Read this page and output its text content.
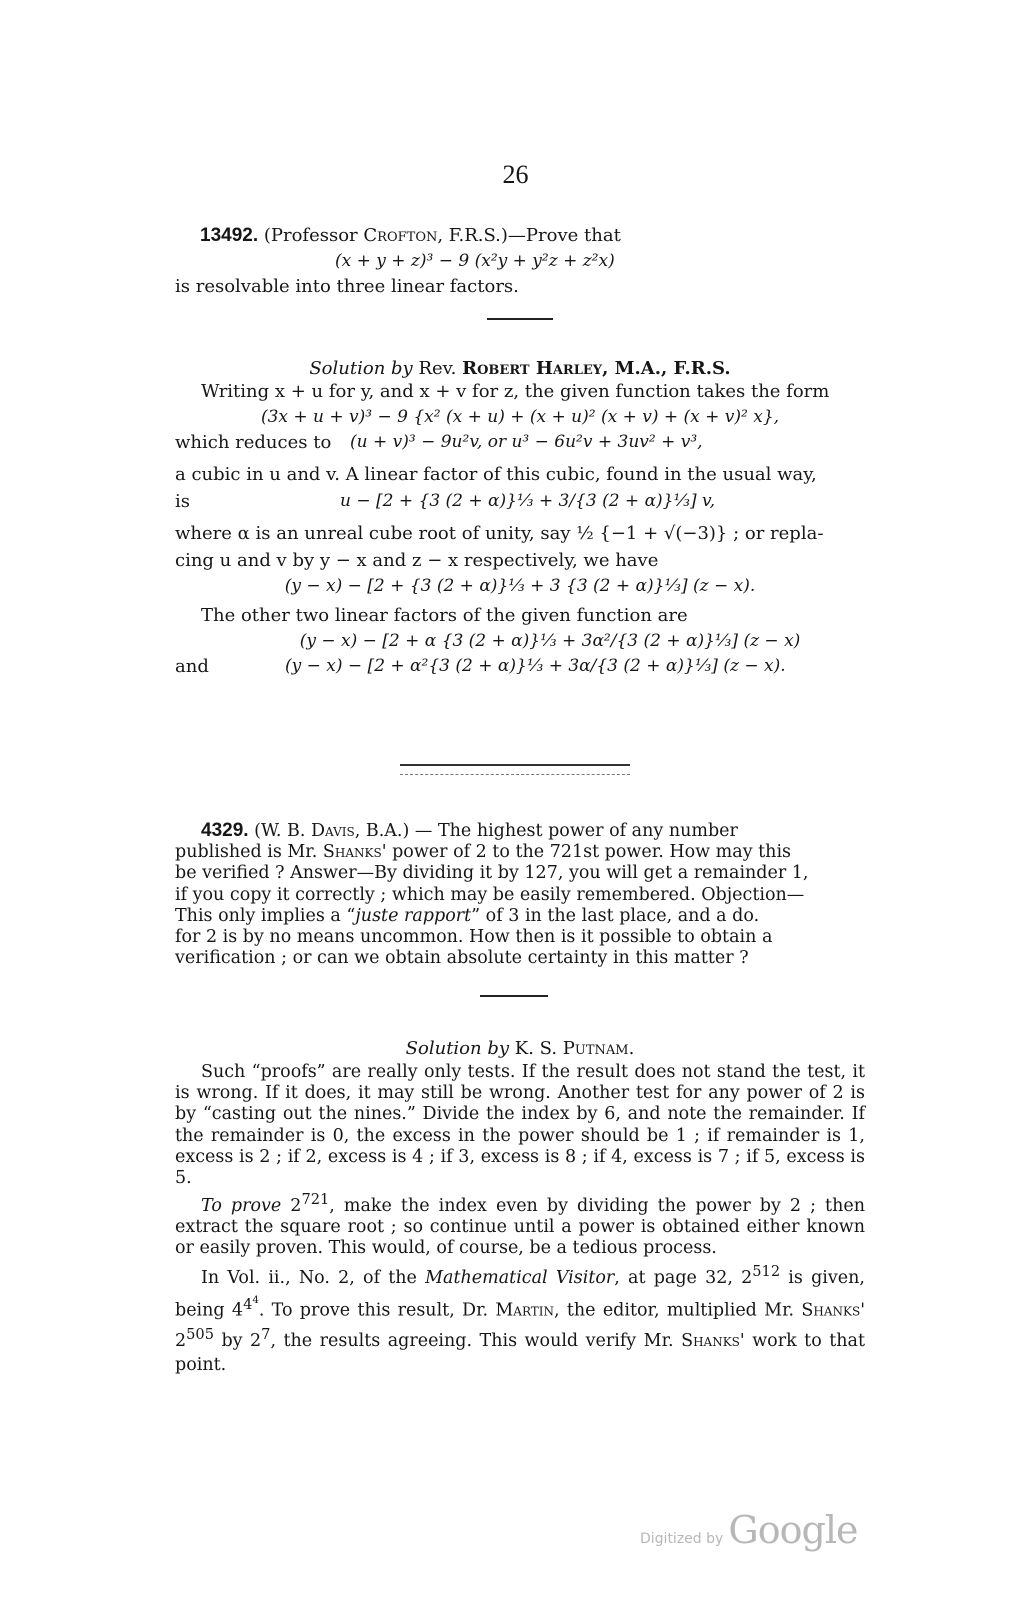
26

13492. (Professor Crofton, F.R.S.)—Prove that

(x + y + z)³ − 9 (x²y + y²z + z²x)

is resolvable into three linear factors.

Solution by Rev. Robert Harley, M.A., F.R.S.

Writing x + u for y, and x + v for z, the given function takes the form

(3x + u + v)³ − 9 {x² (x + u) + (x + u)² (x + v) + (x + v)² x},

which reduces to (u + v)³ − 9u²v, or u³ − 6u²v + 3uv² + v³,

a cubic in u and v. A linear factor of this cubic, found in the usual way,

is	u − [2 + {3 (2 + α)}⅓ + 3/{3 (2 + α)}⅓] v,

where α is an unreal cube root of unity, say ½ {−1 + √(−3)} ; or repla-

cing u and v by y − x and z − x respectively, we have

(y − x) − [2 + {3 (2 + α)}⅓ + 3 {3 (2 + α)}⅓] (z − x).

The other two linear factors of the given function are

(y − x) − [2 + α {3 (2 + α)}⅓ + 3α²/{3 (2 + α)}⅓] (z − x)

and	(y − x) − [2 + α²{3 (2 + α)}⅓ + 3α/{3 (2 + α)}⅓] (z − x).

4329. (W. B. Davis, B.A.) — The highest power of any number

published is Mr. Shanks' power of 2 to the 721st power. How may this

be verified ? Answer—By dividing it by 127, you will get a remainder 1,

if you copy it correctly ; which may be easily remembered. Objection—

This only implies a “juste rapport” of 3 in the last place, and a do.

for 2 is by no means uncommon. How then is it possible to obtain a

verification ; or can we obtain absolute certainty in this matter ?

Solution by K. S. Putnam.

Such “proofs” are really only tests. If the result does not stand the test, it is wrong. If it does, it may still be wrong. Another test for any power of 2 is by “casting out the nines.” Divide the index by 6, and note the remainder. If the remainder is 0, the excess in the power should be 1 ; if remainder is 1, excess is 2 ; if 2, excess is 4 ; if 3, excess is 8 ; if 4, excess is 7 ; if 5, excess is 5.

To prove $2^{721}$, make the index even by dividing the power by 2 ; then extract the square root ; so continue until a power is obtained either known or easily proven. This would, of course, be a tedious process.

In Vol. ii., No. 2, of the Mathematical Visitor, at page 32, $2^{512}$ is given, being $4^{4^4}$. To prove this result, Dr. Martin, the editor, multiplied Mr. Shanks' $2^{505}$ by $2^7$, the results agreeing. This would verify Mr. Shanks' work to that point.

Digitized by Google
